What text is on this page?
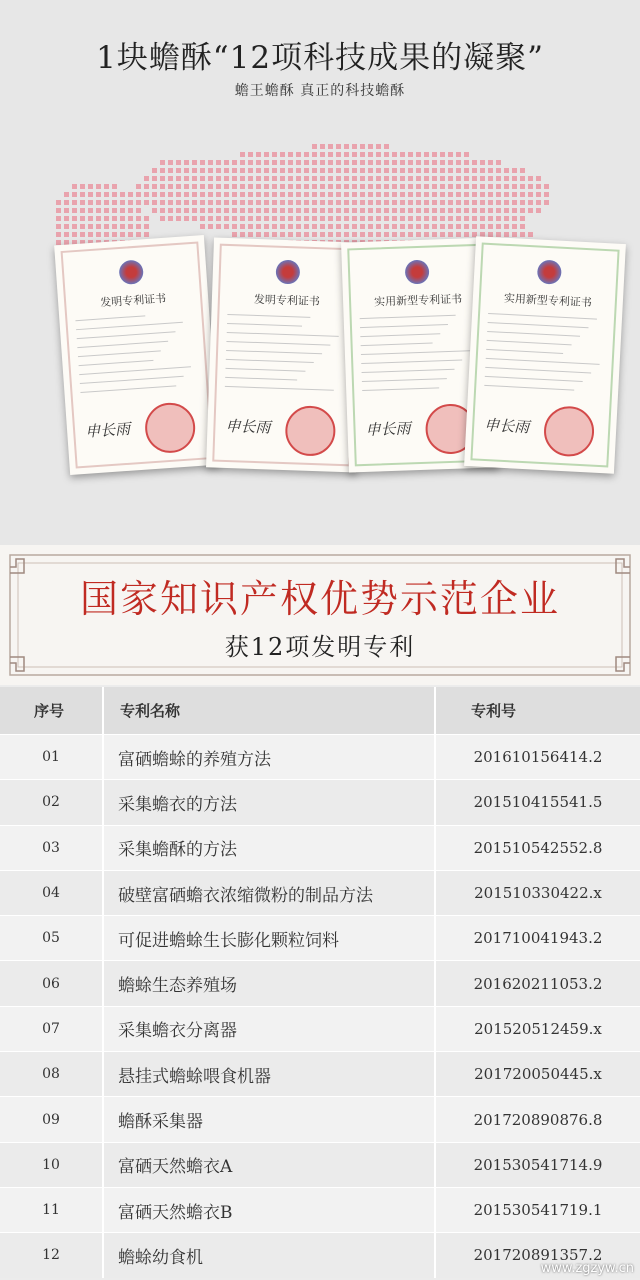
1块蟾酥“12项科技成果的凝聚”
蟾王蟾酥 真正的科技蟾酥
发明专利证书
申长雨
发明专利证书
申长雨
实用新型专利证书
申长雨
实用新型专利证书
申长雨
国家知识产权优势示范企业
获12项发明专利
序号	专利名称	专利号
01	富硒蟾蜍的养殖方法	201610156414.2
02	采集蟾衣的方法	201510415541.5
03	采集蟾酥的方法	201510542552.8
04	破壁富硒蟾衣浓缩微粉的制品方法	201510330422.x
05	可促进蟾蜍生长膨化颗粒饲料	201710041943.2
06	蟾蜍生态养殖场	201620211053.2
07	采集蟾衣分离器	201520512459.x
08	悬挂式蟾蜍喂食机器	201720050445.x
09	蟾酥采集器	201720890876.8
10	富硒天然蟾衣A	201530541714.9
11	富硒天然蟾衣B	201530541719.1
12	蟾蜍幼食机	201720891357.2
www.zgzyw.cn
